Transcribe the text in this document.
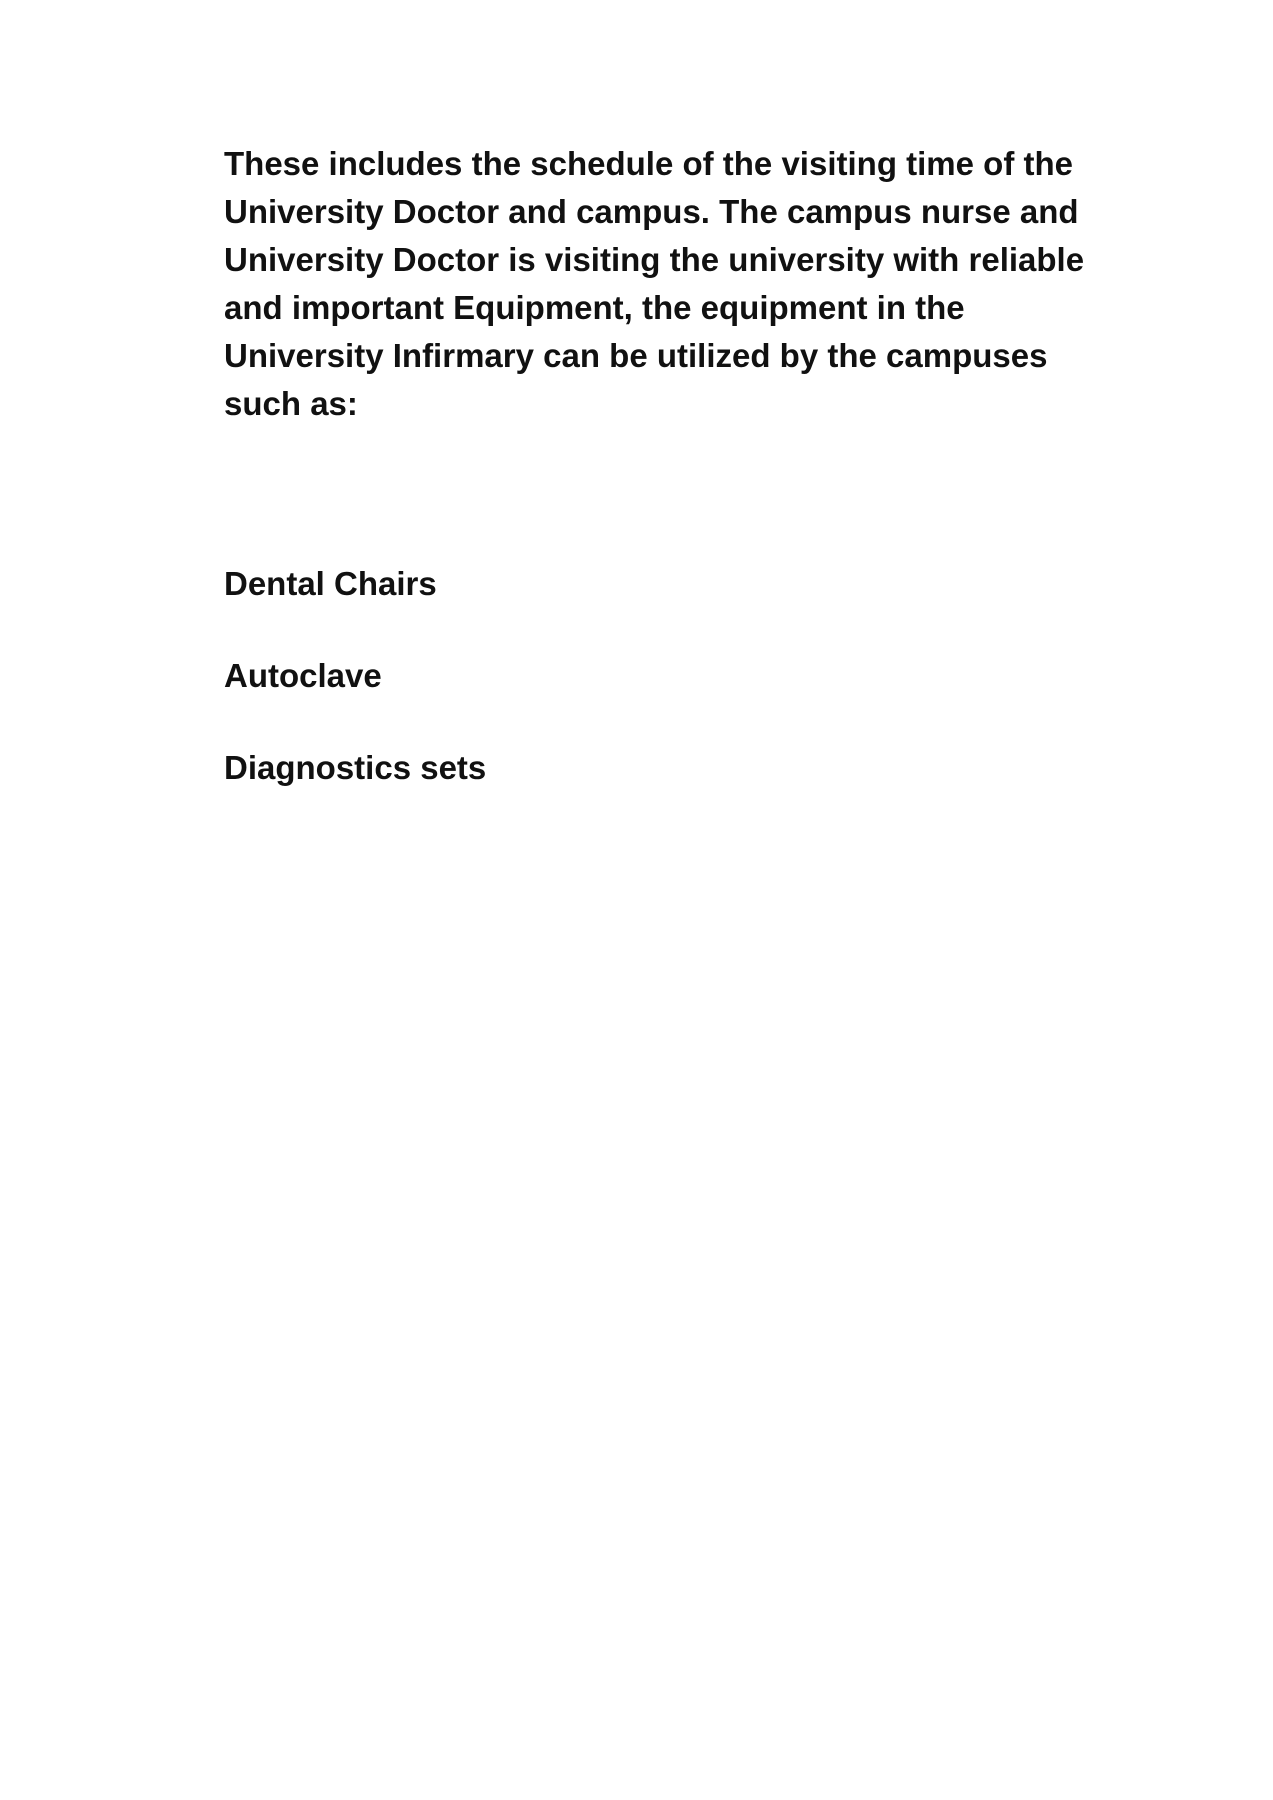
These includes the schedule of the visiting time of the University Doctor and campus. The campus nurse and University Doctor is visiting the university with reliable and important Equipment, the equipment in the University Infirmary can be utilized by the campuses such as:

Dental Chairs
Autoclave
Diagnostics sets
